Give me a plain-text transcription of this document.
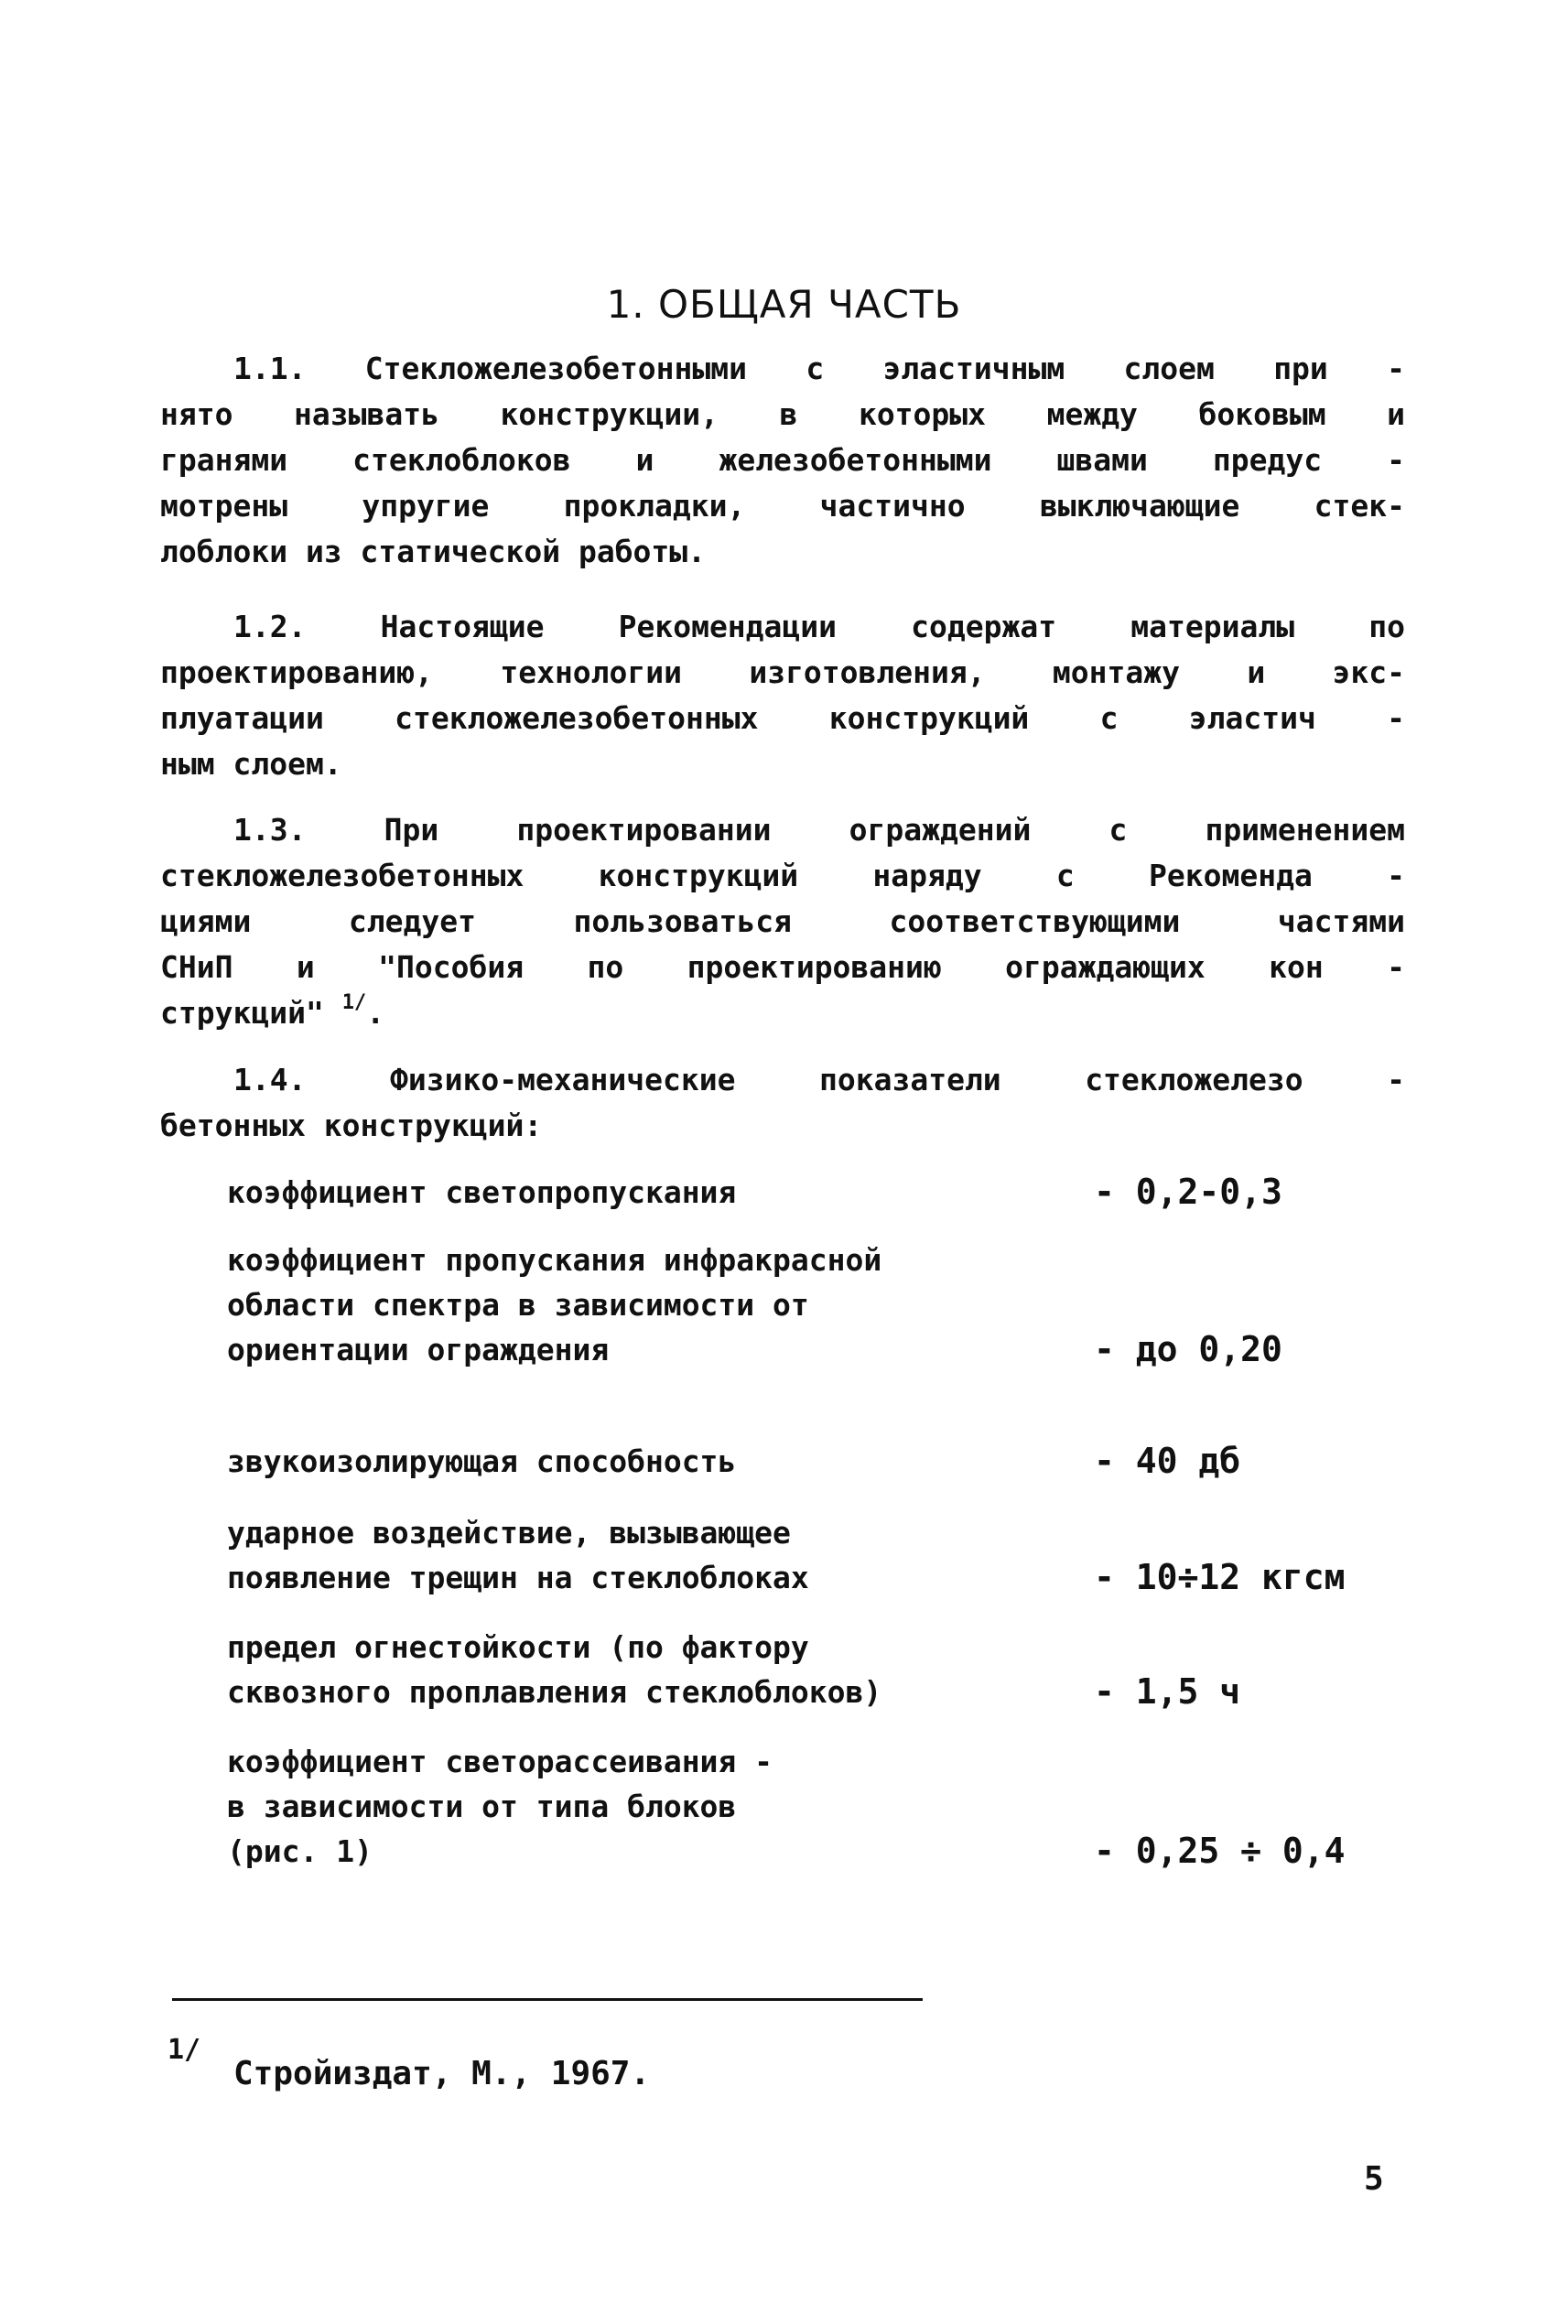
1. ОБЩАЯ ЧАСТЬ
1.1. Стекложелезобетонными с эластичным слоем при -
нято называть конструкции, в которых между боковым и
гранями стеклоблоков и железобетонными швами предус -
мотрены упругие прокладки, частично выключающие стек-
лоблоки из статической работы.
1.2. Настоящие Рекомендации содержат материалы по
проектированию, технологии изготовления, монтажу и экс-
плуатации стекложелезобетонных конструкций с эластич -
ным слоем.
1.3. При проектировании ограждений с применением
стекложелезобетонных конструкций наряду с Рекоменда -
циями следует пользоваться соответствующими частями
СНиП и "Пособия по проектированию ограждающих кон -
струкций" $^{1/}$.
1.4. Физико-механические показатели стекложелезо -
бетонных конструкций:
коэффициент светопропускания	- 0,2-0,3
коэффициент пропускания инфракрасной
области спектра в зависимости от
ориентации ограждения	- до 0,20
звукоизолирующая способность	- 40 дб
ударное воздействие, вызывающее
появление трещин на стеклоблоках	- 10÷12 кгсм
предел огнестойкости (по фактору
сквозного проплавления стеклоблоков)	- 1,5 ч
коэффициент светорассеивания -
в зависимости от типа блоков
(рис. 1)	- 0,25 ÷ 0,4
1/
Стройиздат, М., 1967.
5
